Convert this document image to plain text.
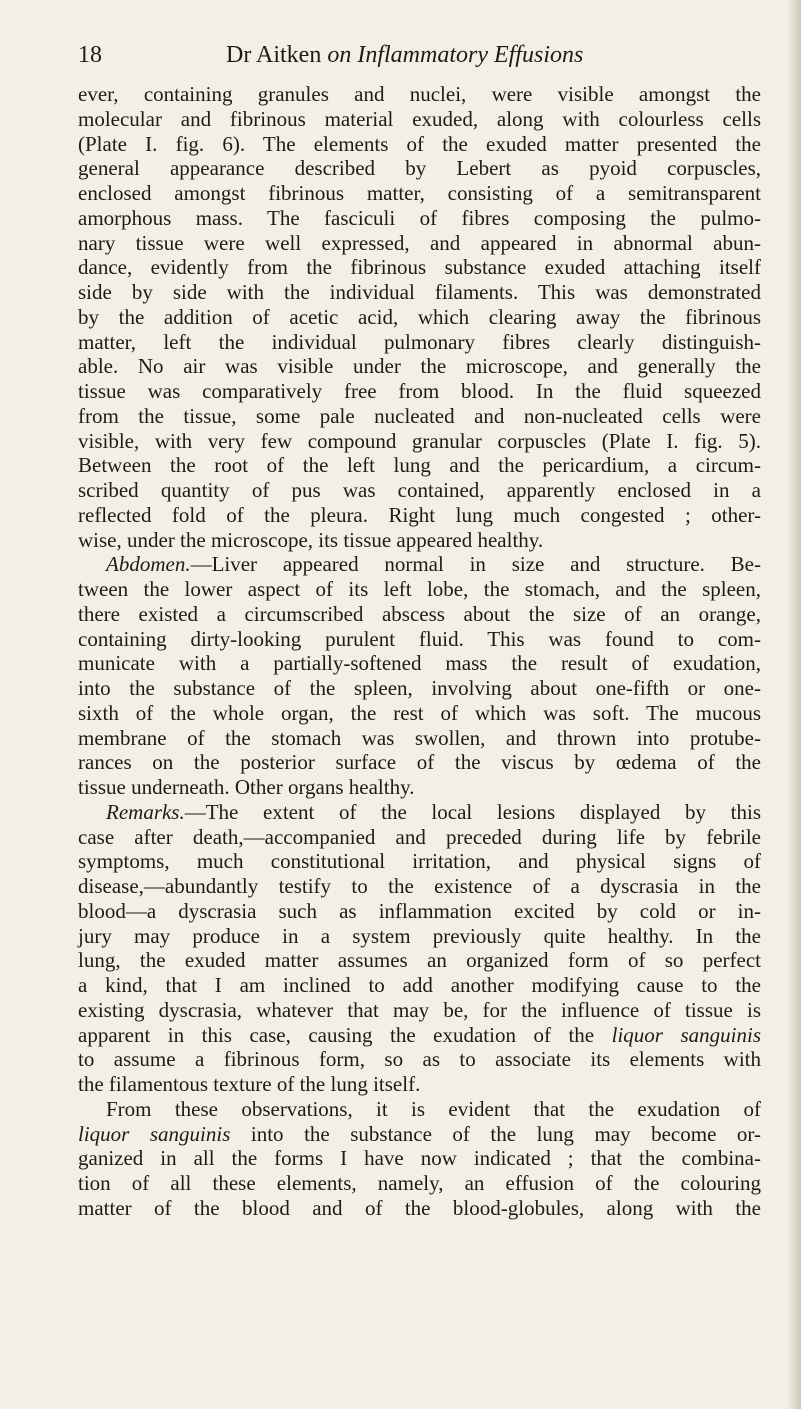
18	Dr Aitken on Inflammatory Effusions
ever, containing granules and nuclei, were visible amongst the
molecular and fibrinous material exuded, along with colourless cells
(Plate I. fig. 6). The elements of the exuded matter presented the
general appearance described by Lebert as pyoid corpuscles,
enclosed amongst fibrinous matter, consisting of a semitransparent
amorphous mass. The fasciculi of fibres composing the pulmo-
nary tissue were well expressed, and appeared in abnormal abun-
dance, evidently from the fibrinous substance exuded attaching itself
side by side with the individual filaments. This was demonstrated
by the addition of acetic acid, which clearing away the fibrinous
matter, left the individual pulmonary fibres clearly distinguish-
able. No air was visible under the microscope, and generally the
tissue was comparatively free from blood. In the fluid squeezed
from the tissue, some pale nucleated and non-nucleated cells were
visible, with very few compound granular corpuscles (Plate I. fig. 5).
Between the root of the left lung and the pericardium, a circum-
scribed quantity of pus was contained, apparently enclosed in a
reflected fold of the pleura. Right lung much congested ; other-
wise, under the microscope, its tissue appeared healthy.
Abdomen.—Liver appeared normal in size and structure. Be-
tween the lower aspect of its left lobe, the stomach, and the spleen,
there existed a circumscribed abscess about the size of an orange,
containing dirty-looking purulent fluid. This was found to com-
municate with a partially-softened mass the result of exudation,
into the substance of the spleen, involving about one-fifth or one-
sixth of the whole organ, the rest of which was soft. The mucous
membrane of the stomach was swollen, and thrown into protube-
rances on the posterior surface of the viscus by œdema of the
tissue underneath. Other organs healthy.
Remarks.—The extent of the local lesions displayed by this
case after death,—accompanied and preceded during life by febrile
symptoms, much constitutional irritation, and physical signs of
disease,—abundantly testify to the existence of a dyscrasia in the
blood—a dyscrasia such as inflammation excited by cold or in-
jury may produce in a system previously quite healthy. In the
lung, the exuded matter assumes an organized form of so perfect
a kind, that I am inclined to add another modifying cause to the
existing dyscrasia, whatever that may be, for the influence of tissue is
apparent in this case, causing the exudation of the liquor sanguinis
to assume a fibrinous form, so as to associate its elements with
the filamentous texture of the lung itself.
From these observations, it is evident that the exudation of
liquor sanguinis into the substance of the lung may become or-
ganized in all the forms I have now indicated ; that the combina-
tion of all these elements, namely, an effusion of the colouring
matter of the blood and of the blood-globules, along with the
